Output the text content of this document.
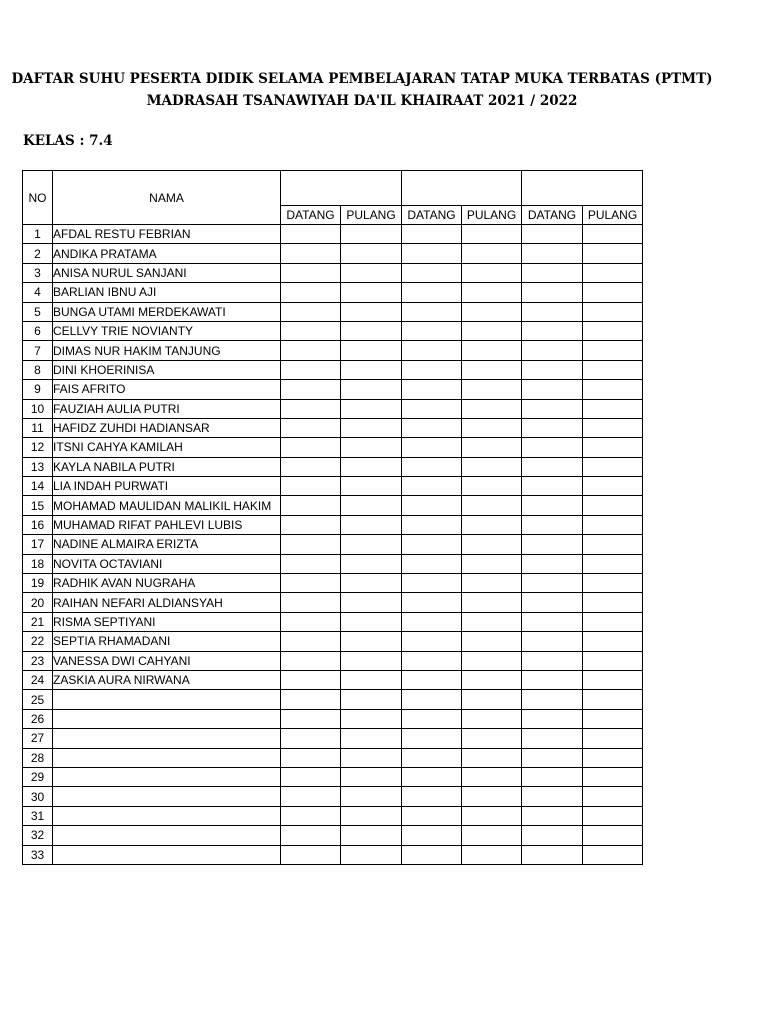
DAFTAR SUHU PESERTA DIDIK SELAMA PEMBELAJARAN TATAP MUKA TERBATAS (PTMT)
MADRASAH TSANAWIYAH DA'IL KHAIRAAT 2021 / 2022
KELAS : 7.4
NO	NAMA						
		DATANG	PULANG	DATANG	PULANG	DATANG	PULANG
1	AFDAL RESTU FEBRIAN						
2	ANDIKA PRATAMA						
3	ANISA NURUL SANJANI						
4	BARLIAN IBNU AJI						
5	BUNGA UTAMI MERDEKAWATI						
6	CELLVY TRIE NOVIANTY						
7	DIMAS NUR HAKIM TANJUNG						
8	DINI KHOERINISA						
9	FAIS AFRITO						
10	FAUZIAH AULIA PUTRI						
11	HAFIDZ ZUHDI HADIANSAR						
12	ITSNI CAHYA KAMILAH						
13	KAYLA NABILA PUTRI						
14	LIA INDAH PURWATI						
15	MOHAMAD MAULIDAN MALIKIL HAKIM						
16	MUHAMAD RIFAT PAHLEVI LUBIS						
17	NADINE ALMAIRA ERIZTA						
18	NOVITA OCTAVIANI						
19	RADHIK AVAN NUGRAHA						
20	RAIHAN NEFARI ALDIANSYAH						
21	RISMA SEPTIYANI						
22	SEPTIA RHAMADANI						
23	VANESSA DWI CAHYANI						
24	ZASKIA AURA NIRWANA						
25							
26							
27							
28							
29							
30							
31							
32							
33							
